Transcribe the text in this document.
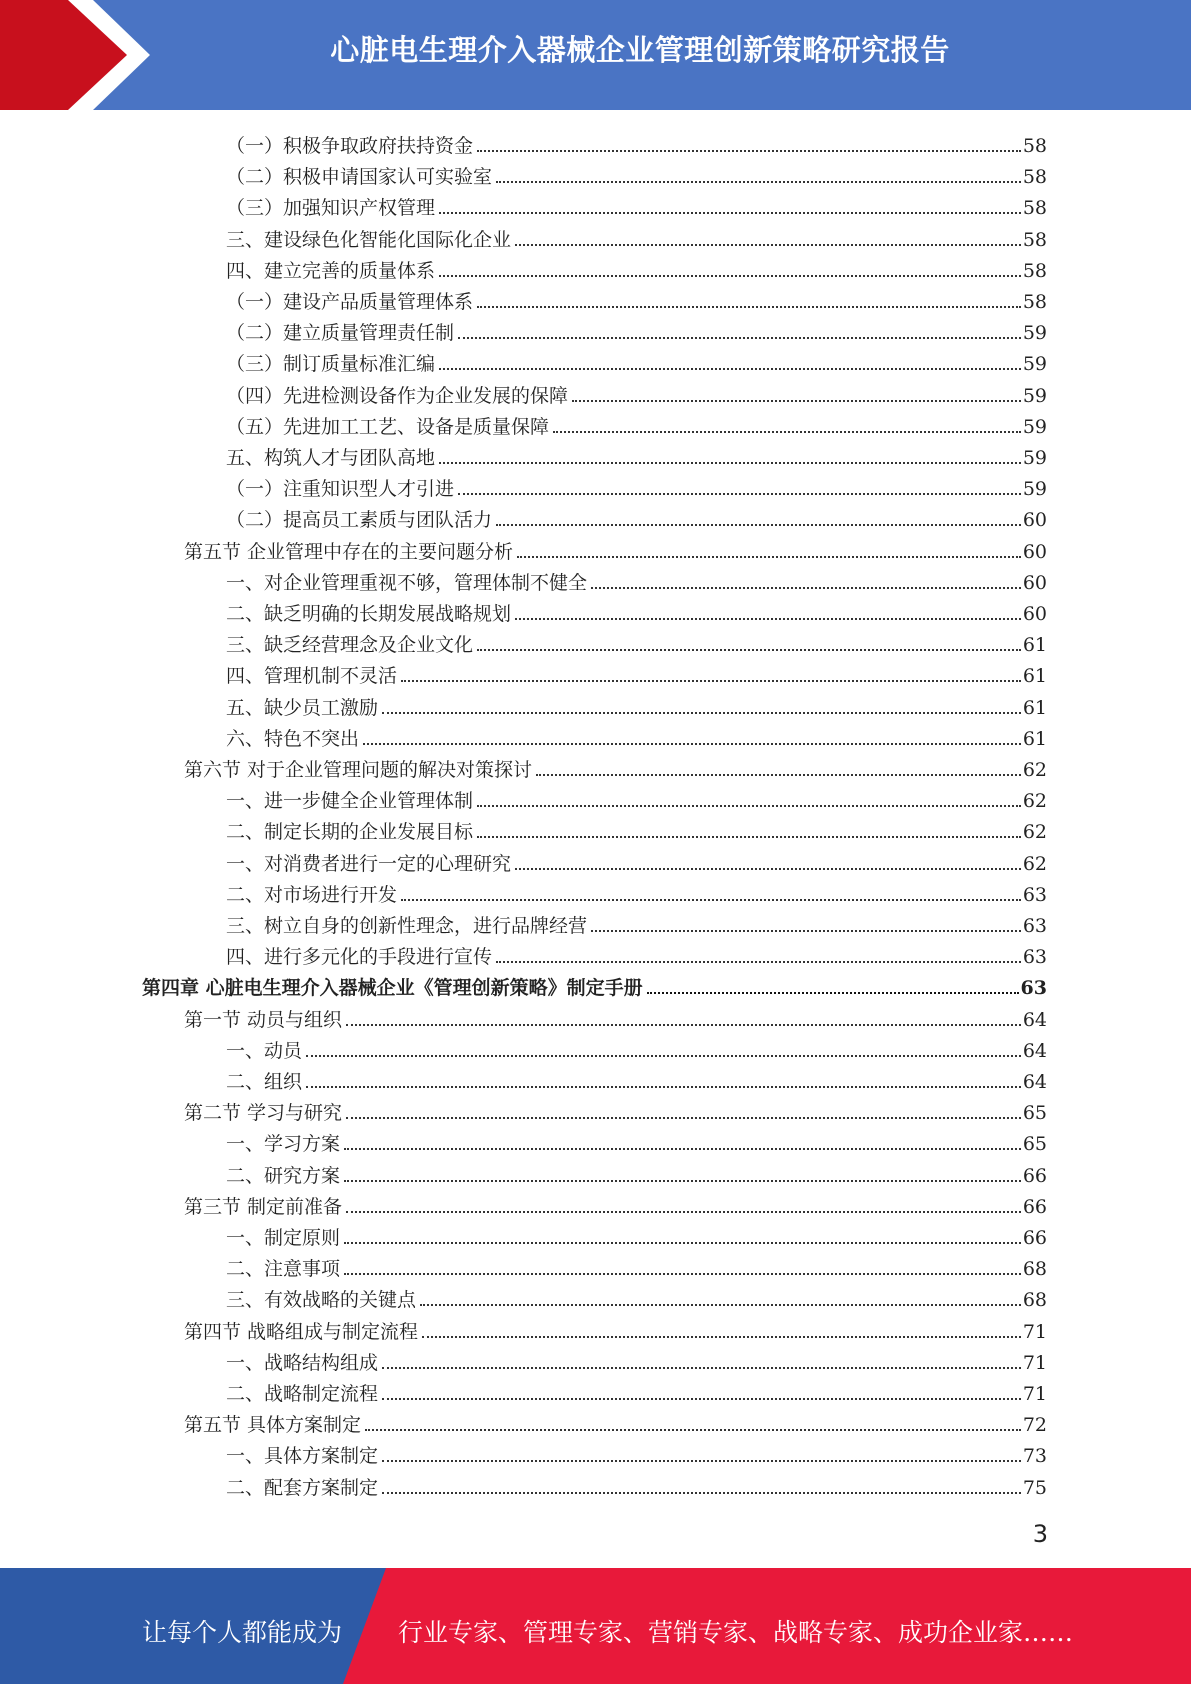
心脏电生理介入器械企业管理创新策略研究报告
（一）积极争取政府扶持资金	58
（二）积极申请国家认可实验室	58
（三）加强知识产权管理	58
三、建设绿色化智能化国际化企业	58
四、建立完善的质量体系	58
（一）建设产品质量管理体系	58
（二）建立质量管理责任制	59
（三）制订质量标准汇编	59
（四）先进检测设备作为企业发展的保障	59
（五）先进加工工艺、设备是质量保障	59
五、构筑人才与团队高地	59
（一）注重知识型人才引进	59
（二）提高员工素质与团队活力	60
第五节 企业管理中存在的主要问题分析	60
一、对企业管理重视不够，管理体制不健全	60
二、缺乏明确的长期发展战略规划	60
三、缺乏经营理念及企业文化	61
四、管理机制不灵活	61
五、缺少员工激励	61
六、特色不突出	61
第六节 对于企业管理问题的解决对策探讨	62
一、进一步健全企业管理体制	62
二、制定长期的企业发展目标	62
一、对消费者进行一定的心理研究	62
二、对市场进行开发	63
三、树立自身的创新性理念，进行品牌经营	63
四、进行多元化的手段进行宣传	63
第四章 心脏电生理介入器械企业《管理创新策略》制定手册	63
第一节 动员与组织	64
一、动员	64
二、组织	64
第二节 学习与研究	65
一、学习方案	65
二、研究方案	66
第三节 制定前准备	66
一、制定原则	66
二、注意事项	68
三、有效战略的关键点	68
第四节 战略组成与制定流程	71
一、战略结构组成	71
二、战略制定流程	71
第五节 具体方案制定	72
一、具体方案制定	73
二、配套方案制定	75
3
让每个人都能成为 行业专家、管理专家、营销专家、战略专家、成功企业家……
